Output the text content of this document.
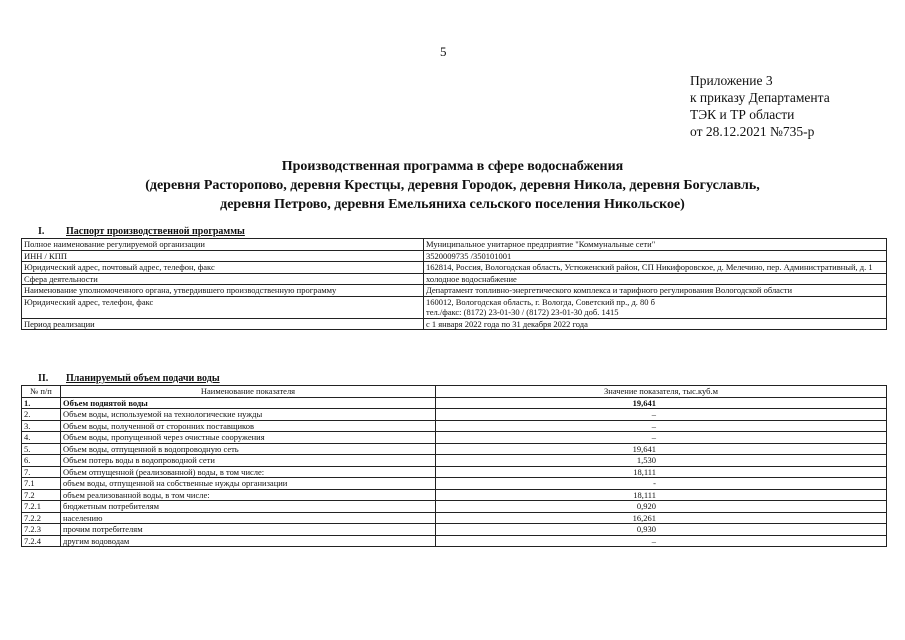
5
Приложение 3
к приказу Департамента
ТЭК и ТР области
от 28.12.2021 №735-р
Производственная программа в сфере водоснабжения
(деревня Расторопово, деревня Крестцы, деревня Городок, деревня Никола, деревня Богуславль,
деревня Петрово, деревня Емельяниха сельского поселения Никольское)
I. Паспорт производственной программы
Полное наименование регулируемой организации	Муниципальное унитарное предприятие "Коммунальные сети"

ИНН / КПП	3520009735 /350101001

Юридический адрес, почтовый адрес, телефон, факс	162814, Россия, Вологодская область, Устюженский район, СП Никифоровское, д. Мелечино, пер. Административный, д. 1

Сфера деятельности	холодное водоснабжение

Наименование уполномоченного органа, утвердившего производственную программу	Департамент топливно-энергетического комплекса и тарифного регулирования Вологодской области

Юридический адрес, телефон, факс	160012, Вологодская область, г. Вологда, Советский пр., д. 80 б
тел./факс: (8172) 23-01-30 / (8172) 23-01-30 доб. 1415

Период реализации	с 1 января 2022 года по 31 декабря 2022 года
II. Планируемый объем подачи воды
№ п/п	Наименование показателя	Значение показателя, тыс.куб.м
1.	Объем поднятой воды	19,641
2.	Объем воды, используемой на технологические нужды	–
3.	Объем воды, полученной от сторонних поставщиков	–
4.	Объем воды, пропущенной через очистные сооружения	–
5.	Объем воды, отпущенной в водопроводную сеть	19,641
6.	Объем потерь воды в водопроводной сети	1,530
7.	Объем отпущенной (реализованной) воды, в том числе:	18,111
7.1	объем воды, отпущенной на собственные нужды организации	-
7.2	объем реализованной воды, в том числе:	18,111
7.2.1	бюджетным потребителям	0,920
7.2.2	населению	16,261
7.2.3	прочим потребителям	0,930
7.2.4	другим водоводам	–
